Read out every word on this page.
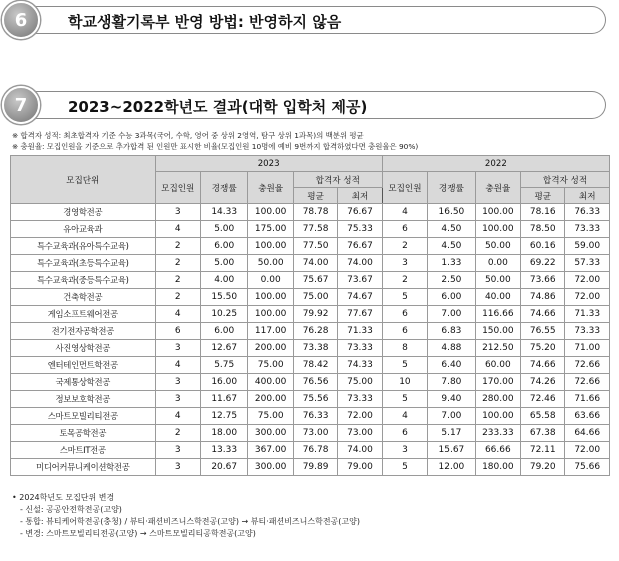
6	학교생활기록부 반영 방법: 반영하지 않음
7	2023~2022학년도 결과(대학 입학처 제공)
※ 합격자 성적: 최초합격자 기준 수능 3과목(국어, 수학, 영어 중 상위 2영역, 탐구 상위 1과목)의 백분위 평균
※ 충원율: 모집인원을 기준으로 추가합격 된 인원만 표시한 비율(모집인원 10명에 예비 9번까지 합격하였다면 충원율은 90%)
모집단위	2023					2022				
	모집인원	경쟁률	충원율	합격자 성적		모집인원	경쟁률	충원율	합격자 성적	
				평균	최저				평균	최저
경영학전공	3	14.33	100.00	78.78	76.67	4	16.50	100.00	78.16	76.33
유아교육과	4	5.00	175.00	77.58	75.33	6	4.50	100.00	78.50	73.33
특수교육과(유아특수교육)	2	6.00	100.00	77.50	76.67	2	4.50	50.00	60.16	59.00
특수교육과(초등특수교육)	2	5.00	50.00	74.00	74.00	3	1.33	0.00	69.22	57.33
특수교육과(중등특수교육)	2	4.00	0.00	75.67	73.67	2	2.50	50.00	73.66	72.00
건축학전공	2	15.50	100.00	75.00	74.67	5	6.00	40.00	74.86	72.00
게임소프트웨어전공	4	10.25	100.00	79.92	77.67	6	7.00	116.66	74.66	71.33
전기전자공학전공	6	6.00	117.00	76.28	71.33	6	6.83	150.00	76.55	73.33
사진영상학전공	3	12.67	200.00	73.38	73.33	8	4.88	212.50	75.20	71.00
엔터테인먼트학전공	4	5.75	75.00	78.42	74.33	5	6.40	60.00	74.66	72.66
국제통상학전공	3	16.00	400.00	76.56	75.00	10	7.80	170.00	74.26	72.66
정보보호학전공	3	11.67	200.00	75.56	73.33	5	9.40	280.00	72.46	71.66
스마트모빌리티전공	4	12.75	75.00	76.33	72.00	4	7.00	100.00	65.58	63.66
토목공학전공	2	18.00	300.00	73.00	73.00	6	5.17	233.33	67.38	64.66
스마트IT전공	3	13.33	367.00	76.78	74.00	3	15.67	66.66	72.11	72.00
미디어커뮤니케이션학전공	3	20.67	300.00	79.89	79.00	5	12.00	180.00	79.20	75.66
• 2024학년도 모집단위 변경
- 신설: 공공안전학전공(고양)
- 통합: 뷰티케어학전공(충청) / 뷰티·패션비즈니스학전공(고양) → 뷰티·패션비즈니스학전공(고양)
- 변경: 스마트모빌리티전공(고양) → 스마트모빌리티공학전공(고양)
